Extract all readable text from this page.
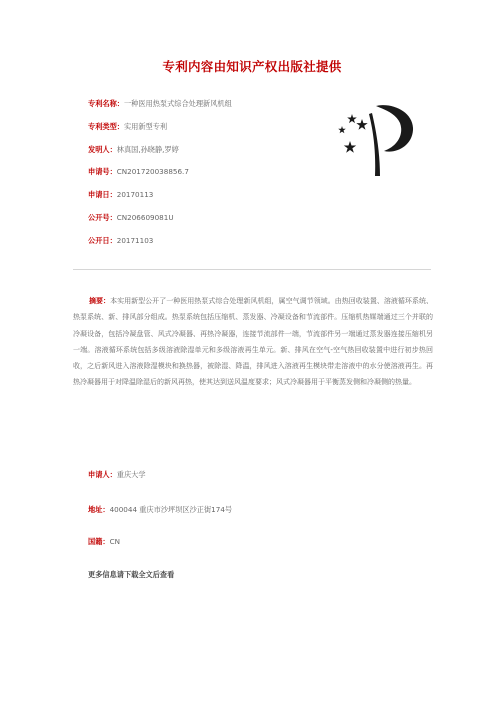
专利内容由知识产权出版社提供
专利名称：一种医用热泵式综合处理新风机组
专利类型：实用新型专利
发明人：林真国,孙晓静,罗婷
申请号：CN201720038856.7
申请日：20170113
公开号：CN206609081U
公开日：20171103
摘要：本实用新型公开了一种医用热泵式综合处理新风机组，属空气调节领域。由热回收装置、溶液循环系统、热泵系统、新、排风部分组成。热泵系统包括压缩机、蒸发器、冷凝设备和节流部件。压缩机热媒端通过三个并联的冷凝设备，包括冷凝盘管、风式冷凝器、再热冷凝器，连接节流部件一端，节流部件另一端通过蒸发器连接压缩机另一端。溶液循环系统包括多级溶液除湿单元和多级溶液再生单元。新、排风在空气-空气热回收装置中进行初步热回收，之后新风进入溶液除湿模块和换热器，被除湿、降温，排风进入溶液再生模块带走溶液中的水分使溶液再生。再热冷凝器用于对降温除湿后的新风再热，使其达到送风温度要求；风式冷凝器用于平衡蒸发侧和冷凝侧的热量。
申请人：重庆大学
地址：400044 重庆市沙坪坝区沙正街174号
国籍：CN
更多信息请下载全文后查看
